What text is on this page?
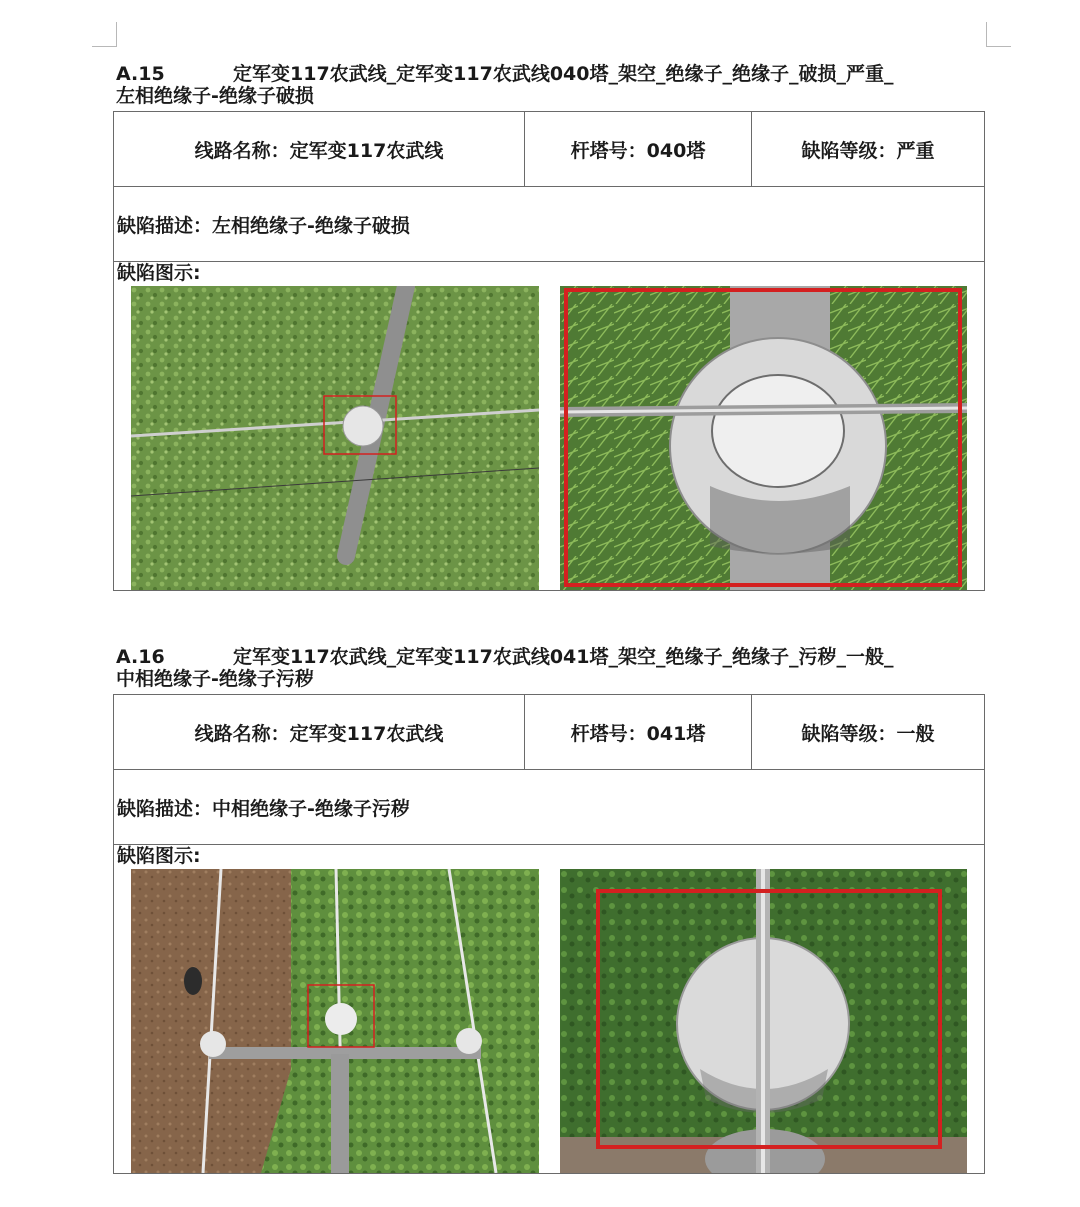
A.15	定军变117农武线_定军变117农武线040塔_架空_绝缘子_绝缘子_破损_严重_
左相绝缘子-绝缘子破损
线路名称：定军变117农武线	杆塔号：040塔	缺陷等级：严重
缺陷描述：左相绝缘子-绝缘子破损
缺陷图示:
A.16	定军变117农武线_定军变117农武线041塔_架空_绝缘子_绝缘子_污秽_一般_
中相绝缘子-绝缘子污秽
线路名称：定军变117农武线	杆塔号：041塔	缺陷等级：一般
缺陷描述：中相绝缘子-绝缘子污秽
缺陷图示:
